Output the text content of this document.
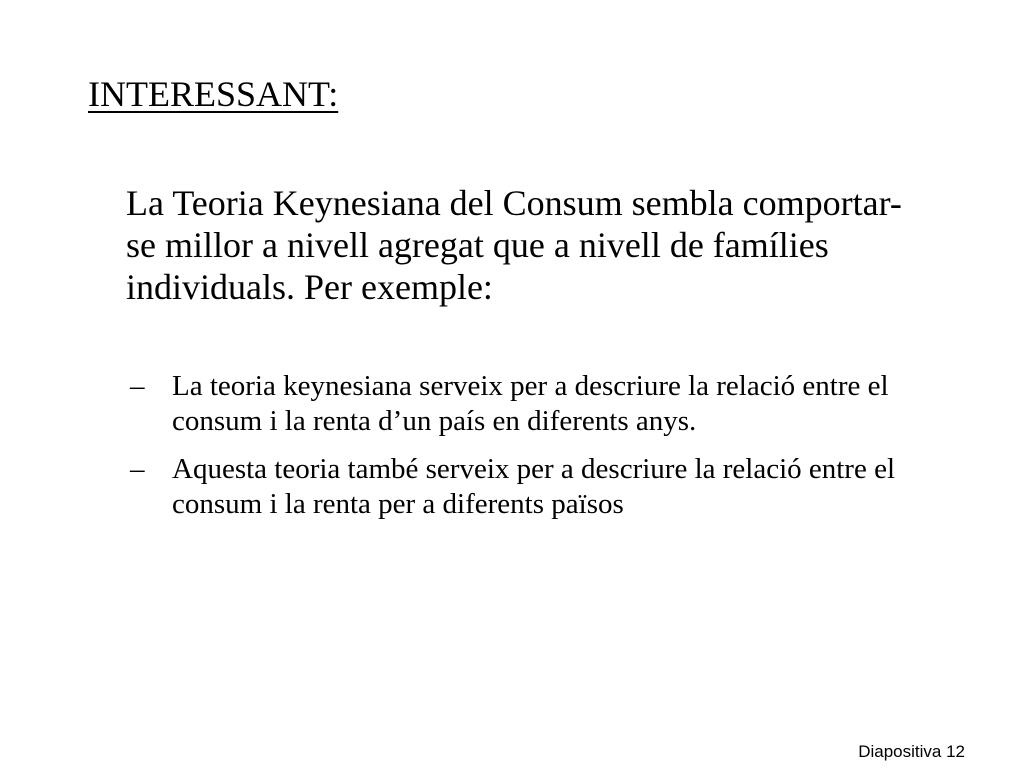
INTERESSANT:

La Teoria Keynesiana del Consum sembla comportar-se millor a nivell agregat que a nivell de famílies individuals. Per exemple:

– La teoria keynesiana serveix per a descriure la relació entre el consum i la renta d’un país en diferents anys.
– Aquesta teoria també serveix per a descriure la relació entre el consum i la renta per a diferents països
Diapositiva 12
